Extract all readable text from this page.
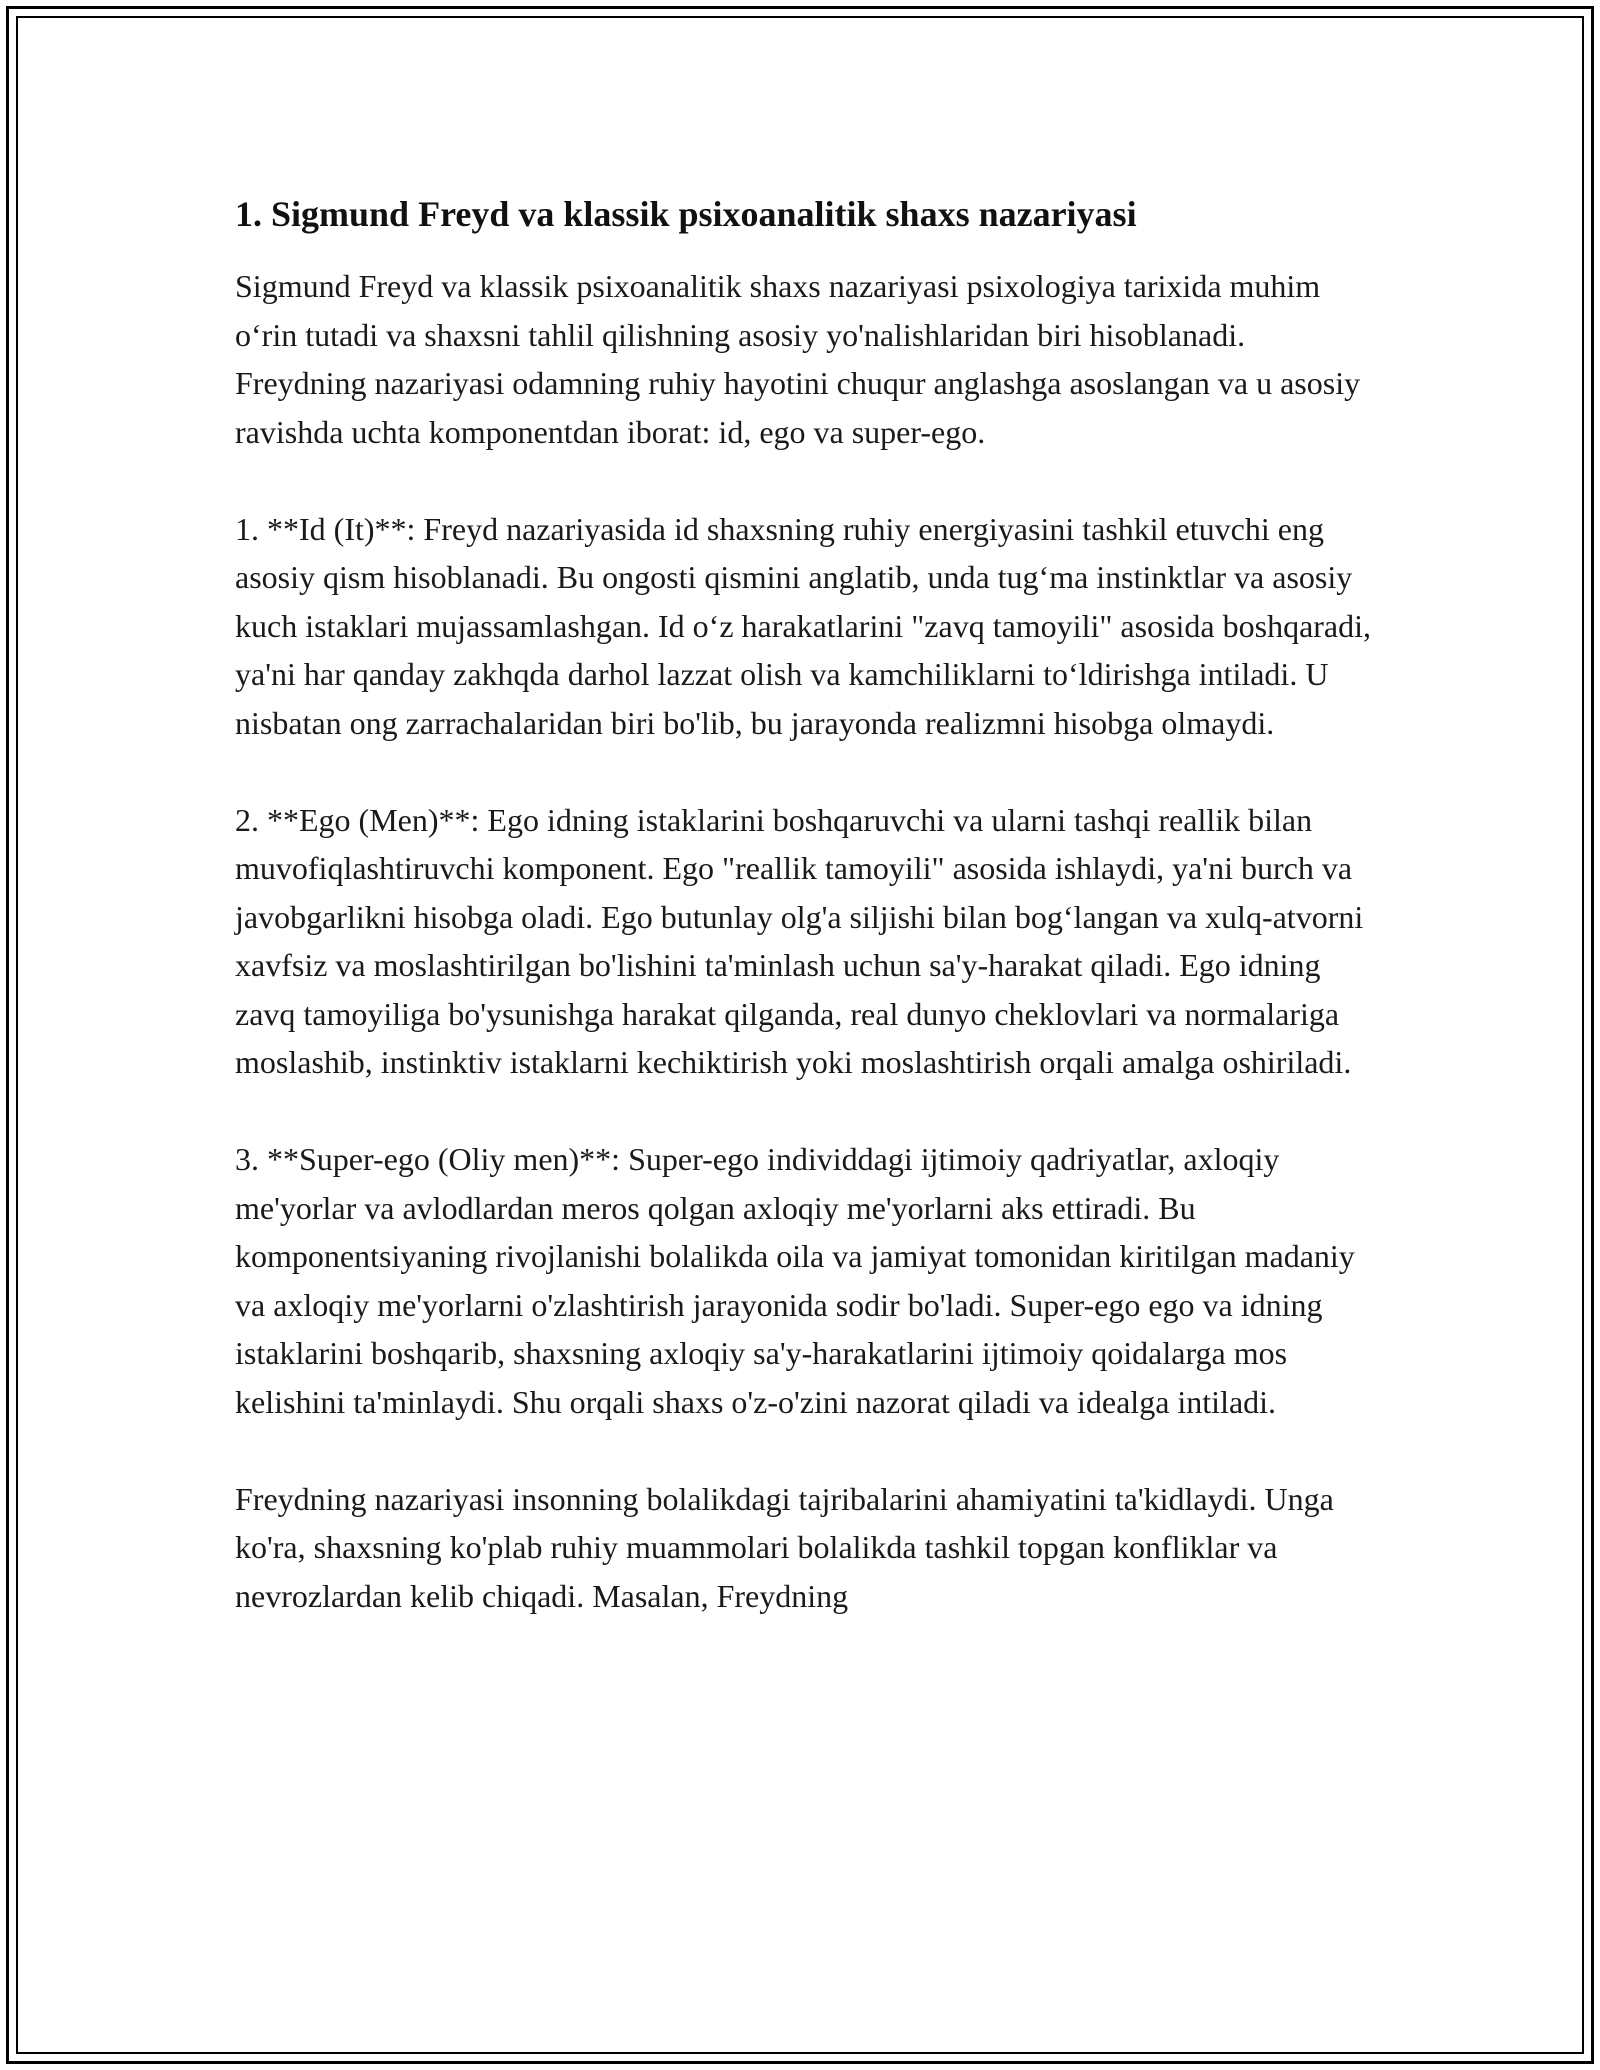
1. Sigmund Freyd va klassik psixoanalitik shaxs nazariyasi

Sigmund Freyd va klassik psixoanalitik shaxs nazariyasi psixologiya tarixida muhim o‘rin tutadi va shaxsni tahlil qilishning asosiy yo'nalishlaridan biri hisoblanadi. Freydning nazariyasi odamning ruhiy hayotini chuqur anglashga asoslangan va u asosiy ravishda uchta komponentdan iborat: id, ego va super-ego.

1. **Id (It)**: Freyd nazariyasida id shaxsning ruhiy energiyasini tashkil etuvchi eng asosiy qism hisoblanadi. Bu ongosti qismini anglatib, unda tug‘ma instinktlar va asosiy kuch istaklari mujassamlashgan. Id o‘z harakatlarini "zavq tamoyili" asosida boshqaradi, ya'ni har qanday zakhqda darhol lazzat olish va kamchiliklarni to‘ldirishga intiladi. U nisbatan ong zarrachalaridan biri bo'lib, bu jarayonda realizmni hisobga olmaydi.

2. **Ego (Men)**: Ego idning istaklarini boshqaruvchi va ularni tashqi reallik bilan muvofiqlashtiruvchi komponent. Ego "reallik tamoyili" asosida ishlaydi, ya'ni burch va javobgarlikni hisobga oladi. Ego butunlay olg'a siljishi bilan bog‘langan va xulq-atvorni xavfsiz va moslashtirilgan bo'lishini ta'minlash uchun sa'y-harakat qiladi. Ego idning zavq tamoyiliga bo'ysunishga harakat qilganda, real dunyo cheklovlari va normalariga moslashib, instinktiv istaklarni kechiktirish yoki moslashtirish orqali amalga oshiriladi.

3. **Super-ego (Oliy men)**: Super-ego individdagi ijtimoiy qadriyatlar, axloqiy me'yorlar va avlodlardan meros qolgan axloqiy me'yorlarni aks ettiradi. Bu komponentsiyaning rivojlanishi bolalikda oila va jamiyat tomonidan kiritilgan madaniy va axloqiy me'yorlarni o'zlashtirish jarayonida sodir bo'ladi. Super-ego ego va idning istaklarini boshqarib, shaxsning axloqiy sa'y-harakatlarini ijtimoiy qoidalarga mos kelishini ta'minlaydi. Shu orqali shaxs o'z-o'zini nazorat qiladi va idealga intiladi.

Freydning nazariyasi insonning bolalikdagi tajribalarini ahamiyatini ta'kidlaydi. Unga ko'ra, shaxsning ko'plab ruhiy muammolari bolalikda tashkil topgan konfliklar va nevrozlardan kelib chiqadi. Masalan, Freydning
